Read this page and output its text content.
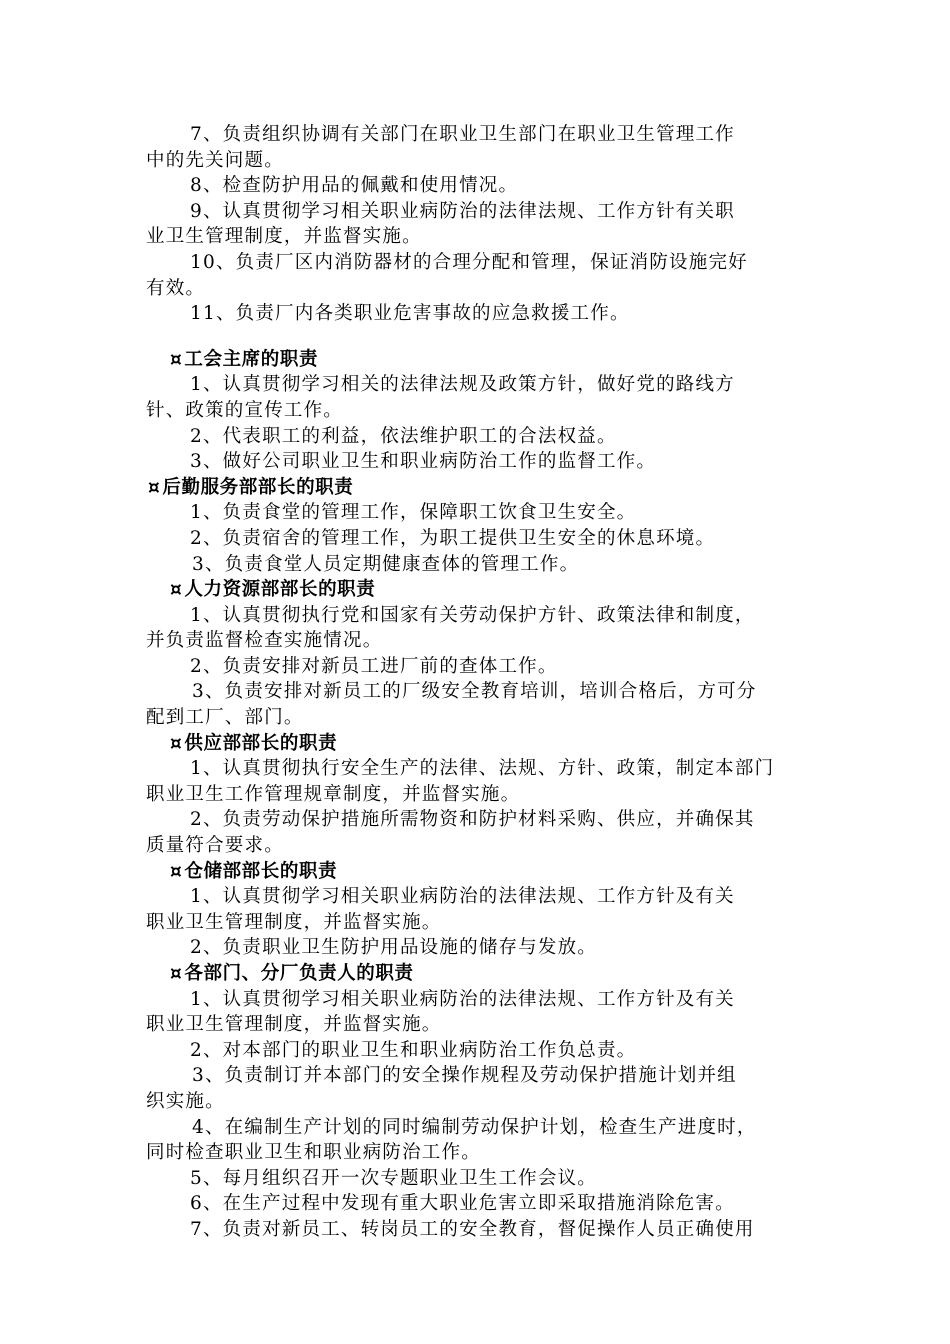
7、负责组织协调有关部门在职业卫生部门在职业卫生管理工作
中的先关问题。
8、检查防护用品的佩戴和使用情况。
9、认真贯彻学习相关职业病防治的法律法规、工作方针有关职
业卫生管理制度，并监督实施。
10、负责厂区内消防器材的合理分配和管理，保证消防设施完好
有效。
11、负责厂内各类职业危害事故的应急救援工作。
¤ 工会主席的职责
1、认真贯彻学习相关的法律法规及政策方针，做好党的路线方
针、政策的宣传工作。
2、代表职工的利益，依法维护职工的合法权益。
3、做好公司职业卫生和职业病防治工作的监督工作。
¤ 后勤服务部部长的职责
1、负责食堂的管理工作，保障职工饮食卫生安全。
2、负责宿舍的管理工作，为职工提供卫生安全的休息环境。
3、负责食堂人员定期健康查体的管理工作。
¤ 人力资源部部长的职责
1、认真贯彻执行党和国家有关劳动保护方针、政策法律和制度，
并负责监督检查实施情况。
2、负责安排对新员工进厂前的查体工作。
3、负责安排对新员工的厂级安全教育培训，培训合格后，方可分
配到工厂、部门。
¤ 供应部部长的职责
1、认真贯彻执行安全生产的法律、法规、方针、政策，制定本部门
职业卫生工作管理规章制度，并监督实施。
2、负责劳动保护措施所需物资和防护材料采购、供应，并确保其
质量符合要求。
¤ 仓储部部长的职责
1、认真贯彻学习相关职业病防治的法律法规、工作方针及有关
职业卫生管理制度，并监督实施。
2、负责职业卫生防护用品设施的储存与发放。
¤ 各部门、分厂负责人的职责
1、认真贯彻学习相关职业病防治的法律法规、工作方针及有关
职业卫生管理制度，并监督实施。
2、对本部门的职业卫生和职业病防治工作负总责。
3、负责制订并本部门的安全操作规程及劳动保护措施计划并组
织实施。
4、在编制生产计划的同时编制劳动保护计划，检查生产进度时，
同时检查职业卫生和职业病防治工作。
5、每月组织召开一次专题职业卫生工作会议。
6、在生产过程中发现有重大职业危害立即采取措施消除危害。
7、负责对新员工、转岗员工的安全教育，督促操作人员正确使用
